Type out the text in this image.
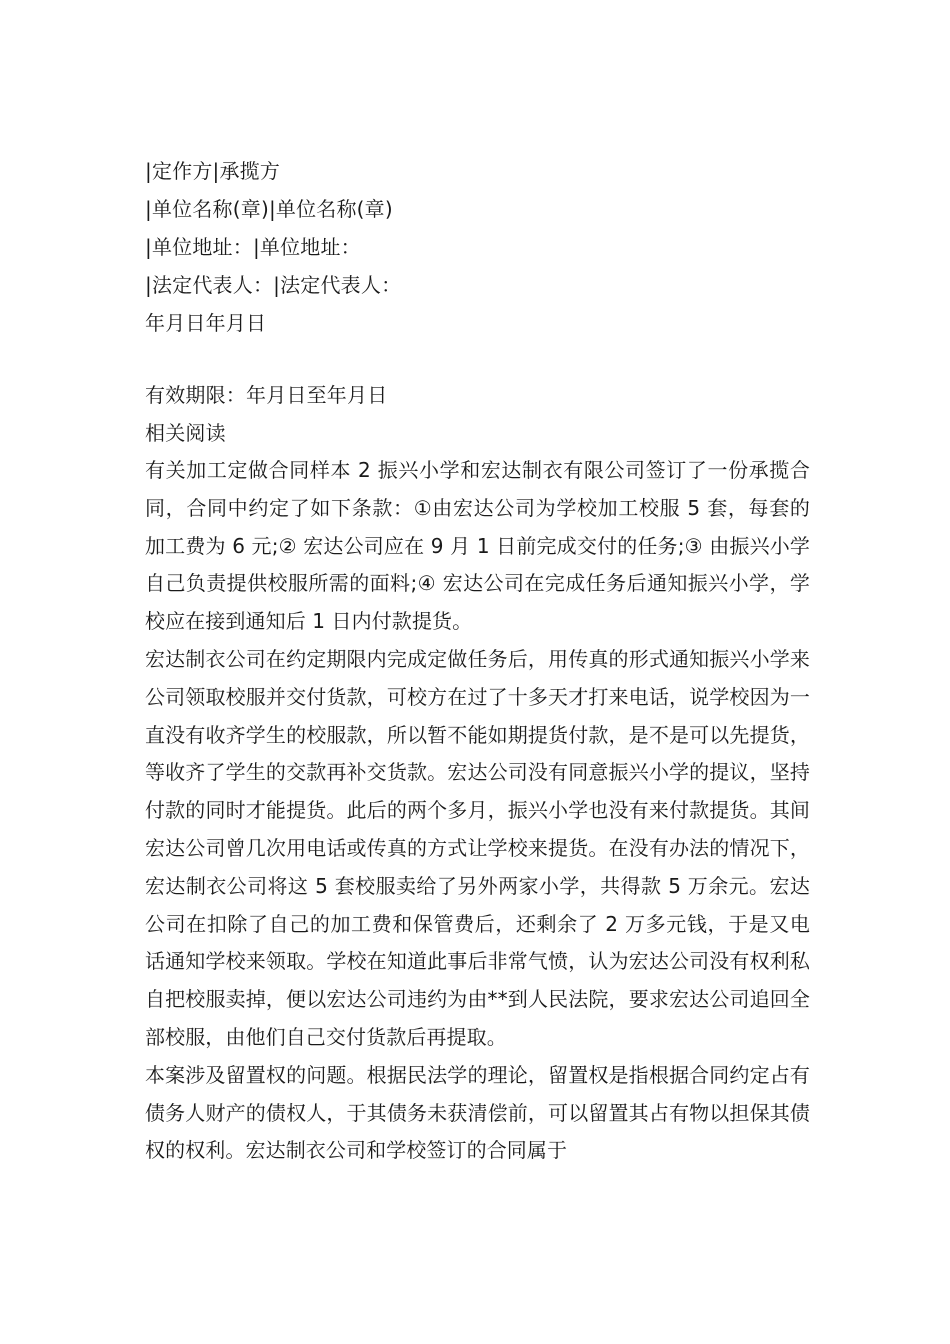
|定作方|承揽方
|单位名称(章)|单位名称(章)
|单位地址：|单位地址：
|法定代表人：|法定代表人：
年月日年月日
有效期限：年月日至年月日
相关阅读

有关加工定做合同样本 2 振兴小学和宏达制衣有限公司签订了一份承揽合同，合同中约定了如下条款：①由宏达公司为学校加工校服 5 套，每套的加工费为 6 元;② 宏达公司应在 9 月 1 日前完成交付的任务;③ 由振兴小学自己负责提供校服所需的面料;④ 宏达公司在完成任务后通知振兴小学，学校应在接到通知后 1 日内付款提货。

宏达制衣公司在约定期限内完成定做任务后，用传真的形式通知振兴小学来公司领取校服并交付货款，可校方在过了十多天才打来电话，说学校因为一直没有收齐学生的校服款，所以暂不能如期提货付款，是不是可以先提货，等收齐了学生的交款再补交货款。宏达公司没有同意振兴小学的提议，坚持付款的同时才能提货。此后的两个多月，振兴小学也没有来付款提货。其间宏达公司曾几次用电话或传真的方式让学校来提货。在没有办法的情况下，宏达制衣公司将这 5 套校服卖给了另外两家小学，共得款 5 万余元。宏达公司在扣除了自己的加工费和保管费后，还剩余了 2 万多元钱，于是又电话通知学校来领取。学校在知道此事后非常气愤，认为宏达公司没有权利私自把校服卖掉，便以宏达公司违约为由**到人民法院，要求宏达公司追回全部校服，由他们自己交付货款后再提取。

本案涉及留置权的问题。根据民法学的理论，留置权是指根据合同约定占有债务人财产的债权人，于其债务未获清偿前，可以留置其占有物以担保其债权的权利。宏达制衣公司和学校签订的合同属于
